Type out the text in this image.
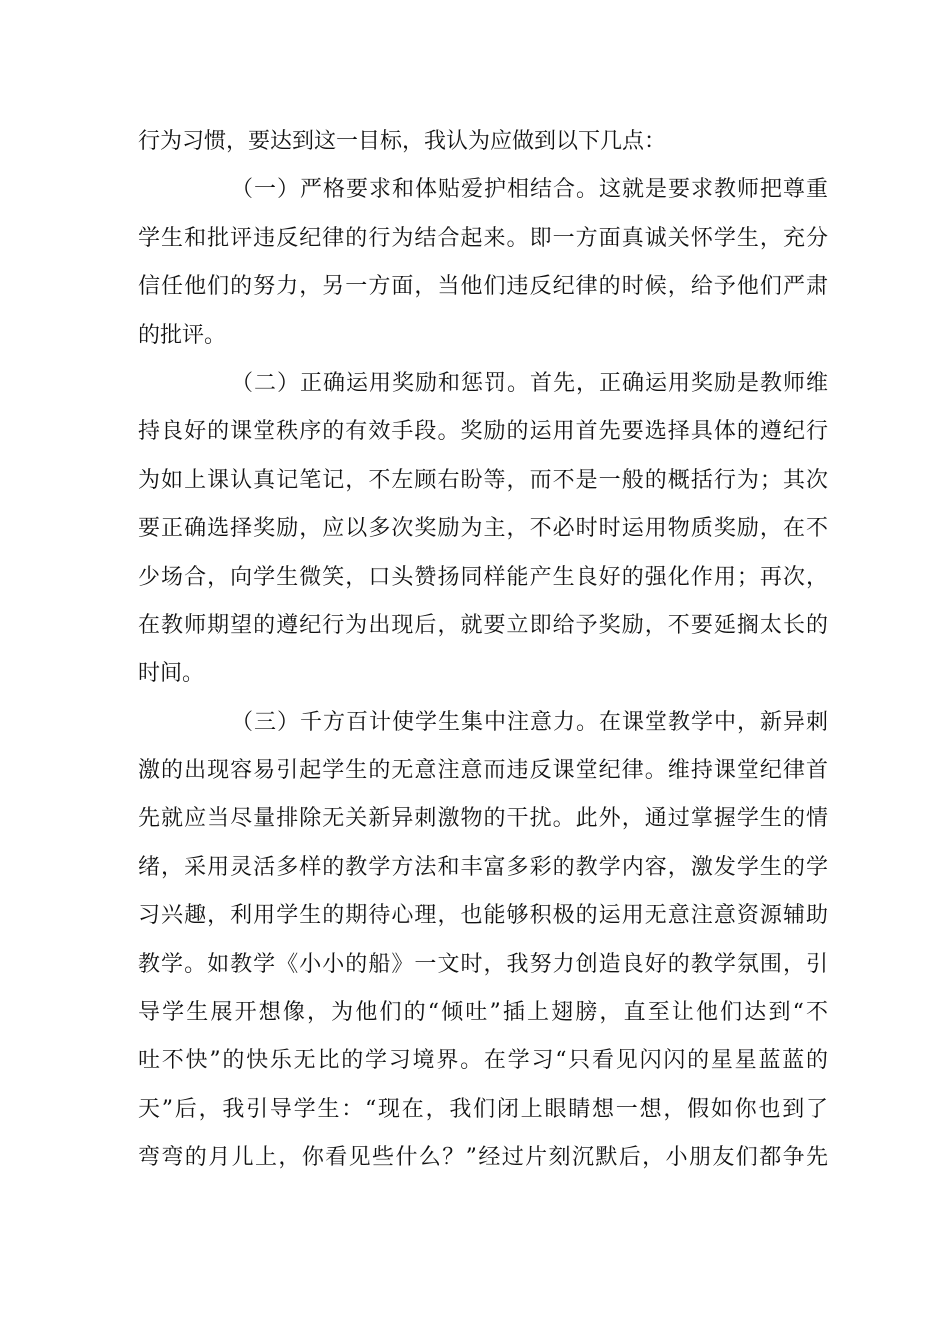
行为习惯，要达到这一目标，我认为应做到以下几点：

（一）严格要求和体贴爱护相结合。这就是要求教师把尊重

学生和批评违反纪律的行为结合起来。即一方面真诚关怀学生，充分

信任他们的努力，另一方面，当他们违反纪律的时候，给予他们严肃

的批评。

（二）正确运用奖励和惩罚。首先，正确运用奖励是教师维

持良好的课堂秩序的有效手段。奖励的运用首先要选择具体的遵纪行

为如上课认真记笔记，不左顾右盼等，而不是一般的概括行为；其次

要正确选择奖励，应以多次奖励为主，不必时时运用物质奖励，在不

少场合，向学生微笑，口头赞扬同样能产生良好的强化作用；再次，

在教师期望的遵纪行为出现后，就要立即给予奖励，不要延搁太长的

时间。

（三）千方百计使学生集中注意力。在课堂教学中，新异刺

激的出现容易引起学生的无意注意而违反课堂纪律。维持课堂纪律首

先就应当尽量排除无关新异刺激物的干扰。此外，通过掌握学生的情

绪，采用灵活多样的教学方法和丰富多彩的教学内容，激发学生的学

习兴趣，利用学生的期待心理，也能够积极的运用无意注意资源辅助

教学。如教学《小小的船》一文时，我努力创造良好的教学氛围，引

导学生展开想像，为他们的“倾吐”插上翅膀，直至让他们达到“不

吐不快”的快乐无比的学习境界。在学习“只看见闪闪的星星蓝蓝的

天”后，我引导学生：“现在，我们闭上眼睛想一想，假如你也到了

弯弯的月儿上，你看见些什么？”经过片刻沉默后，小朋友们都争先
